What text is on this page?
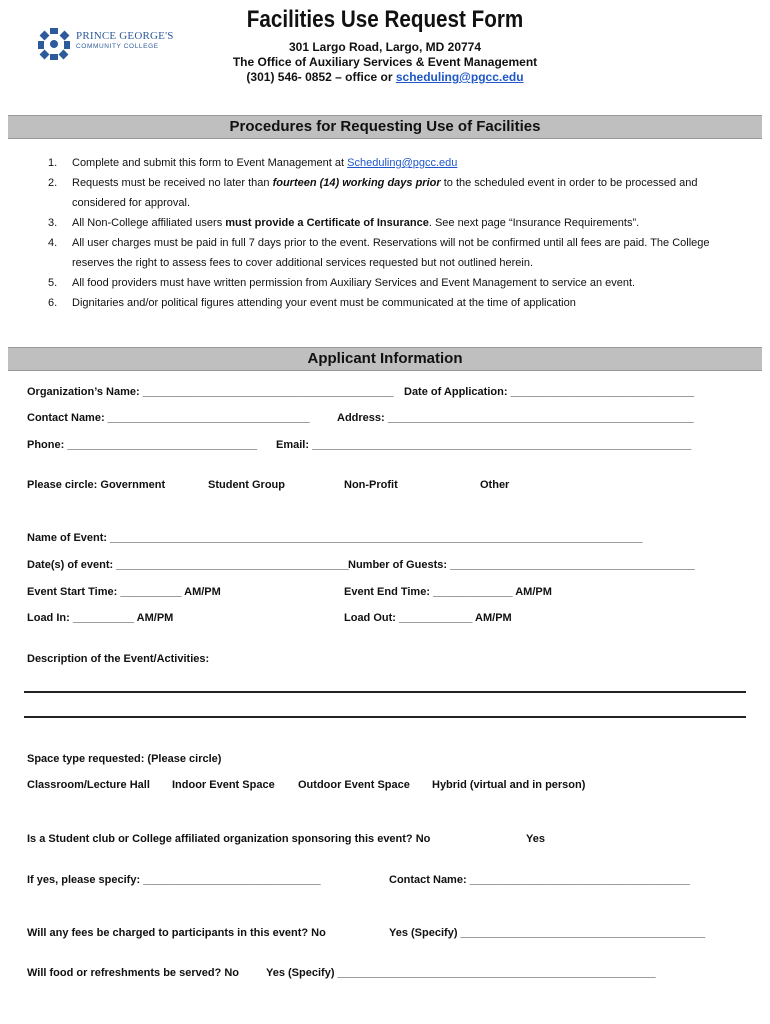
PRINCE GEORGE'S
COMMUNITY COLLEGE
Facilities Use Request Form
301 Largo Road, Largo, MD 20774
The Office of Auxiliary Services & Event Management
(301) 546- 0852 – office or scheduling@pgcc.edu
Procedures for Requesting Use of Facilities
1. Complete and submit this form to Event Management at Scheduling@pgcc.edu
2. Requests must be received no later than fourteen (14) working days prior to the scheduled event in order to be processed and
considered for approval.
3. All Non-College affiliated users must provide a Certificate of Insurance. See next page “Insurance Requirements”.
4. All user charges must be paid in full 7 days prior to the event. Reservations will not be confirmed until all fees are paid. The College
reserves the right to assess fees to cover additional services requested but not outlined herein.
5. All food providers must have written permission from Auxiliary Services and Event Management to service an event.
6. Dignitaries and/or political figures attending your event must be communicated at the time of application
Applicant Information
Organization’s Name: _________________________________________ Date of Application: ______________________________
Contact Name: _________________________________ Address: __________________________________________________
Phone: _______________________________ Email: ______________________________________________________________
Please circle: Government	Student Group	Non-Profit	Other
Name of Event: _______________________________________________________________________________________
Date(s) of event: ______________________________________ Number of Guests: ________________________________________
Event Start Time: __________ AM/PM	Event End Time: _____________ AM/PM
Load In: __________ AM/PM	Load Out: ____________ AM/PM
Description of the Event/Activities:
Space type requested: (Please circle)
Classroom/Lecture Hall Indoor Event Space Outdoor Event Space Hybrid (virtual and in person)
Is a Student club or College affiliated organization sponsoring this event? No	Yes
If yes, please specify: _____________________________	Contact Name: ____________________________________
Will any fees be charged to participants in this event? No	Yes (Specify) ________________________________________
Will food or refreshments be served? No Yes (Specify) ____________________________________________________
